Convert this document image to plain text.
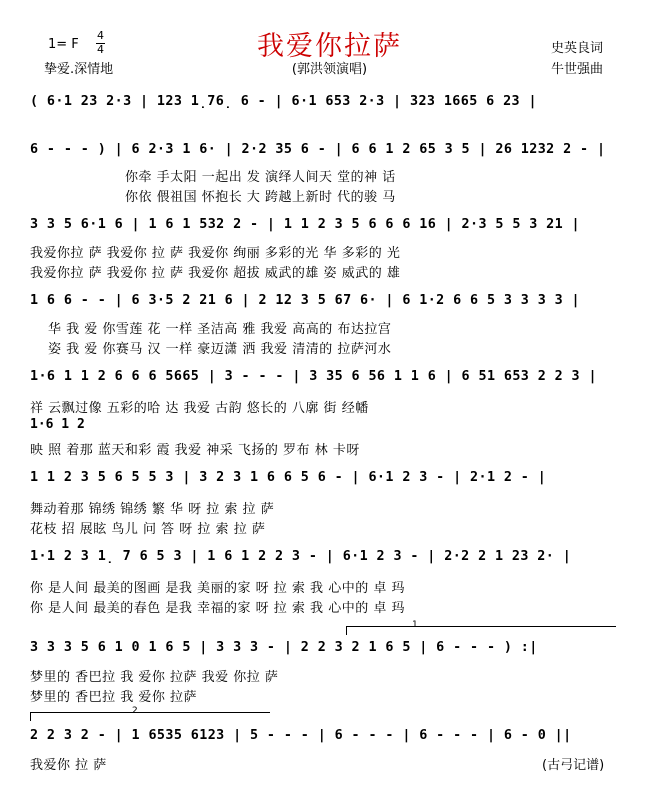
1= F
4
4
挚爱.深情地
我爱你拉萨
(郭洪领演唱)
史英良词
牛世强曲
( 6·1 23 2·3 | 123 1̣76̣ 6 - | 6·1 653 2·3 | 323 1665 6 23 |
6 - - - ) | 6 2·3 1 6· | 2·2 35 6 - | 6 6 1 2 65 3 5 | 26 1232 2 - |
你牵 手太阳 一起出 发 演绎人间天 堂的神 话
你依 偎祖国 怀抱长 大 跨越上新时 代的骏 马
3 3 5 6·1 6 | 1 6 1 532 2 - | 1 1 2 3 5 6 6 6 16 | 2·3 5 5 3 21 |
我爱你拉 萨 我爱你 拉 萨 我爱你 绚丽 多彩的光 华 多彩的 光
我爱你拉 萨 我爱你 拉 萨 我爱你 超拔 威武的雄 姿 威武的 雄
1 6 6 - - | 6 3·5 2 21 6 | 2 12 3 5 67 6· | 6 1·2 6 6 5 3 3 3 3 |
华 我 爱 你雪莲 花 一样 圣洁高 雅 我爱 高高的 布达拉宫
姿 我 爱 你赛马 汉 一样 豪迈潇 洒 我爱 清清的 拉萨河水
1·6 1 1 2 6 6 6 5665 | 3 - - - | 3 35 6 56 1 1 6 | 6 51 653 2 2 3 |
祥 云飘过像 五彩的哈 达 我爱 古韵 悠长的 八廓 街 经幡
1·6 1 2
映 照 着那 蓝天和彩 霞 我爱 神采 飞扬的 罗布 林 卡呀
1 1 2 3 5 6 5 5 3 | 3 2 3 1 6 6 5 6 - | 6·1 2 3 - | 2·1 2 - |
舞动着那 锦绣 锦绣 繁 华 呀 拉 索 拉 萨
花枝 招 展眩 鸟儿 问 答 呀 拉 索 拉 萨
1·1 2 3 1̣ 7 6 5 3 | 1 6 1 2 2 3 - | 6·1 2 3 - | 2·2 2 1 23 2· |
你 是人间 最美的图画 是我 美丽的家 呀 拉 索 我 心中的 卓 玛
你 是人间 最美的春色 是我 幸福的家 呀 拉 索 我 心中的 卓 玛
1
3 3 3 5 6 1 0 1 6 5 | 3 3 3 - | 2 2 3 2 1 6 5 | 6 - - - ) :|
梦里的 香巴拉 我 爱你 拉萨 我爱 你拉 萨
梦里的 香巴拉 我 爱你 拉萨
2
2 2 3 2 - | 1 6535 6123 | 5 - - - | 6 - - - | 6 - - - | 6 - 0 ||
我爱你 拉 萨	(古弓记谱)
